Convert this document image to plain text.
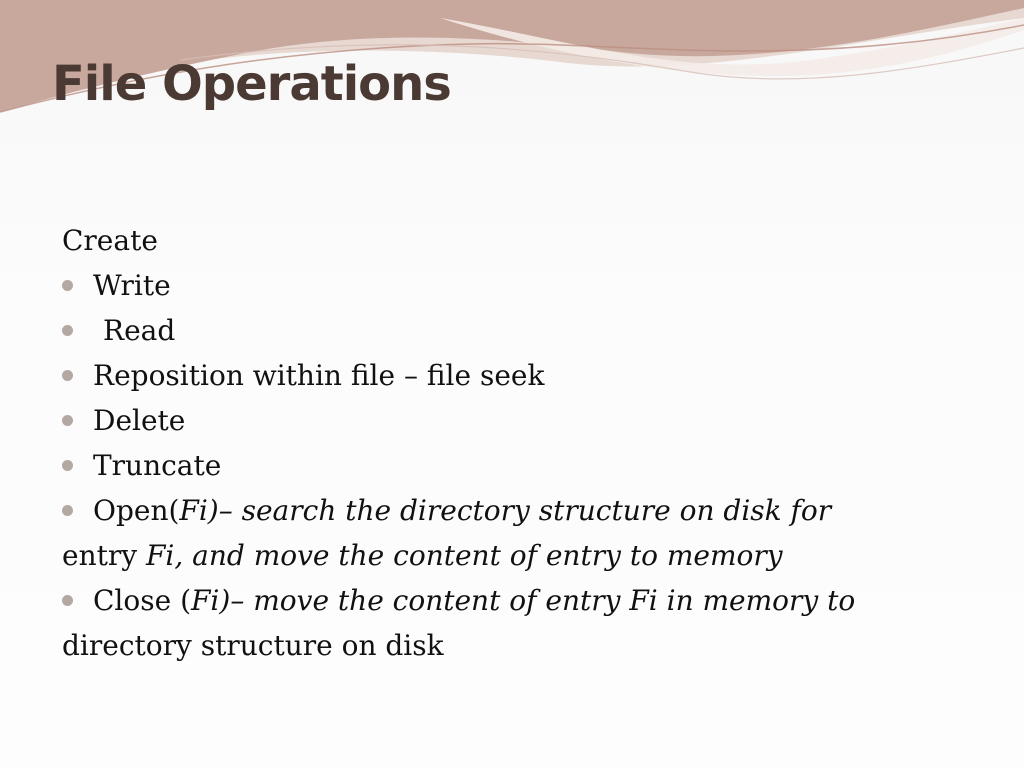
File Operations
Create
Write
Read
Reposition within file – file seek
Delete
Truncate
Open( Fi) – search the directory structure on disk for
entry Fi, and move the content of entry to memory
Close ( Fi) – move the content of entry Fi in memory to
directory structure on disk
